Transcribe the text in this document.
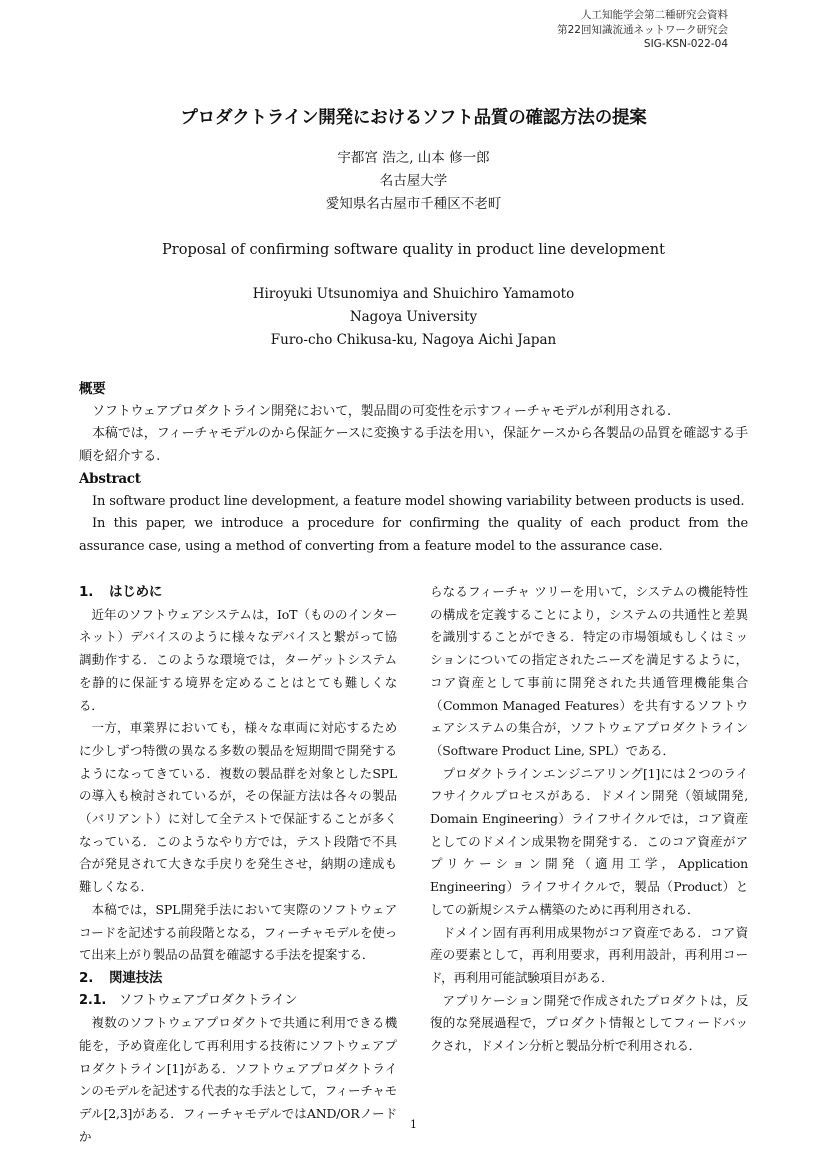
人工知能学会第二種研究会資料
第22回知識流通ネットワーク研究会
SIG-KSN-022-04
プロダクトライン開発におけるソフト品質の確認方法の提案
宇都宮 浩之, 山本 修一郎
名古屋大学
愛知県名古屋市千種区不老町
Proposal of confirming software quality in product line development
Hiroyuki Utsunomiya and Shuichiro Yamamoto
Nagoya University
Furo-cho Chikusa-ku, Nagoya Aichi Japan
概要

ソフトウェアプロダクトライン開発において，製品間の可変性を示すフィーチャモデルが利用される.

本稿では，フィーチャモデルのから保証ケースに変換する手法を用い，保証ケースから各製品の品質を確認する手順を紹介する.

Abstract

In software product line development, a feature model showing variability between products is used.

In this paper, we introduce a procedure for confirming the quality of each product from the assurance case, using a method of converting from a feature model to the assurance case.

1.	はじめに

近年のソフトウェアシステムは，IoT（もののインターネット）デバイスのように様々なデバイスと繋がって協調動作する．このような環境では，ターゲットシステムを静的に保証する境界を定めることはとても難しくなる．

一方，車業界においても，様々な車両に対応するために少しずつ特徴の異なる多数の製品を短期間で開発するようになってきている．複数の製品群を対象としたSPLの導入も検討されているが，その保証方法は各々の製品（バリアント）に対して全テストで保証することが多くなっている．このようなやり方では，テスト段階で不具合が発見されて大きな手戻りを発生させ，納期の達成も難しくなる．

本稿では，SPL開発手法において実際のソフトウェアコードを記述する前段階となる，フィーチャモデルを使って出来上がり製品の品質を確認する手法を提案する．

2.	関連技法
2.1. ソフトウェアプロダクトライン

複数のソフトウェアプロダクトで共通に利用できる機能を，予め資産化して再利用する技術にソフトウェアプロダクトライン[1]がある．ソフトウェアプロダクトラインのモデルを記述する代表的な手法として，フィーチャモデル[2,3]がある．フィーチャモデルではAND/ORノードか

らなるフィーチャ ツリーを用いて，システムの機能特性の構成を定義することにより，システムの共通性と差異を識別することができる．特定の市場領域もしくはミッションについての指定されたニーズを満足するように，コア資産として事前に開発された共通管理機能集合（Common Managed Features）を共有するソフトウェアシステムの集合が，ソフトウェアプロダクトライン（Software Product Line, SPL）である．

プロダクトラインエンジニアリング[1]には２つのライフサイクルプロセスがある．ドメイン開発（領域開発, Domain Engineering）ライフサイクルでは，コア資産としてのドメイン成果物を開発する．このコア資産がアプリケーション開発（適用工学，Application Engineering）ライフサイクルで，製品（Product）としての新規システム構築のために再利用される．

ドメイン固有再利用成果物がコア資産である．コア資産の要素として，再利用要求，再利用設計，再利用コード，再利用可能試験項目がある．

アプリケーション開発で作成されたプロダクトは，反復的な発展過程で，プロダクト情報としてフィードバックされ，ドメイン分析と製品分析で利用される．

1
